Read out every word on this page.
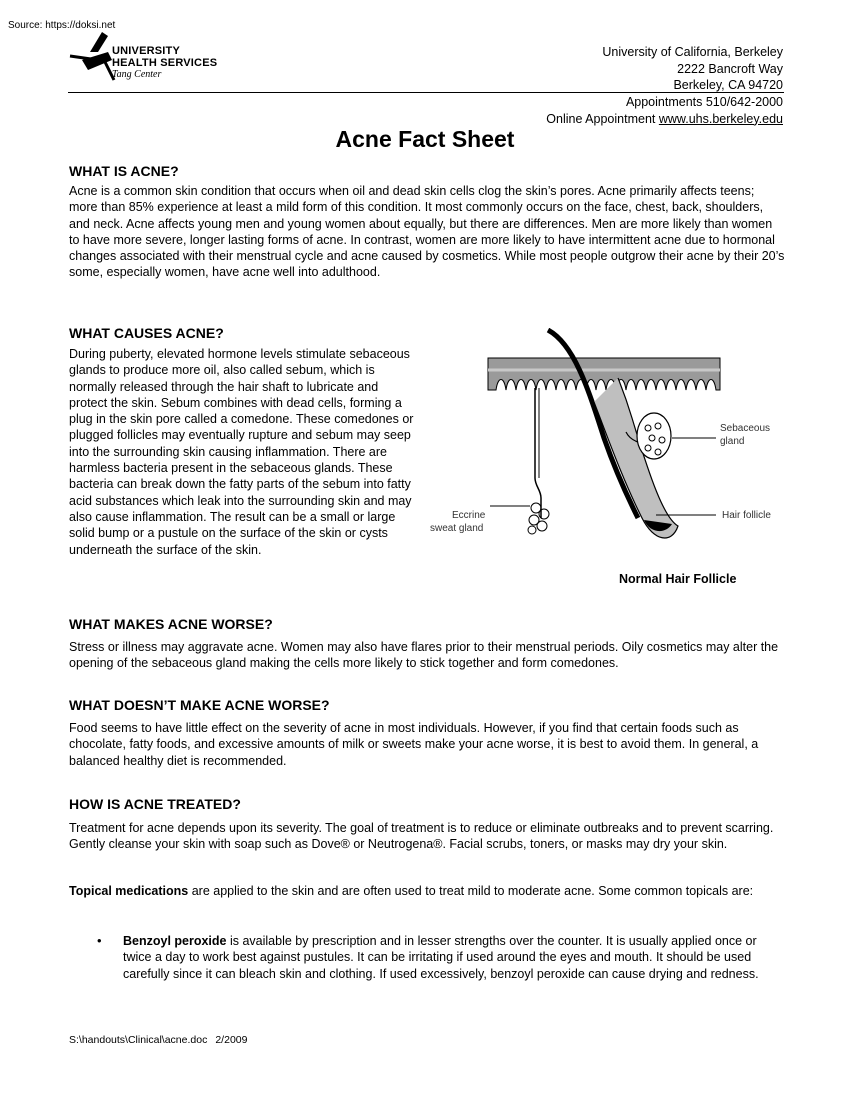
Source: https://doksi.net
UNIVERSITY
HEALTH SERVICES
Tang Center
University of California, Berkeley
2222 Bancroft Way
Berkeley, CA 94720
Appointments 510/642-2000
Online Appointment www.uhs.berkeley.edu
Acne Fact Sheet
WHAT IS ACNE?

Acne is a common skin condition that occurs when oil and dead skin cells clog the skin’s pores. Acne primarily affects teens; more than 85% experience at least a mild form of this condition. It most commonly occurs on the face, chest, back, shoulders, and neck. Acne affects young men and young women about equally, but there are differences. Men are more likely than women to have more severe, longer lasting forms of acne. In contrast, women are more likely to have intermittent acne due to hormonal changes associated with their menstrual cycle and acne caused by cosmetics. While most people outgrow their acne by their 20’s some, especially women, have acne well into adulthood.

WHAT CAUSES ACNE?

During puberty, elevated hormone levels stimulate sebaceous glands to produce more oil, also called sebum, which is normally released through the hair shaft to lubricate and protect the skin. Sebum combines with dead cells, forming a plug in the skin pore called a comedone. These comedones or plugged follicles may eventually rupture and sebum may seep into the surrounding skin causing inflammation. There are harmless bacteria present in the sebaceous glands. These bacteria can break down the fatty parts of the sebum into fatty acid substances which leak into the surrounding skin and may also cause inflammation. The result can be a small or large solid bump or a pustule on the surface of the skin or cysts underneath the surface of the skin.

Sebaceous
gland
Hair follicle
Eccrine
sweat gland
Normal Hair Follicle
WHAT MAKES ACNE WORSE?

Stress or illness may aggravate acne. Women may also have flares prior to their menstrual periods. Oily cosmetics may alter the opening of the sebaceous gland making the cells more likely to stick together and form comedones.

WHAT DOESN’T MAKE ACNE WORSE?

Food seems to have little effect on the severity of acne in most individuals. However, if you find that certain foods such as chocolate, fatty foods, and excessive amounts of milk or sweets make your acne worse, it is best to avoid them. In general, a balanced healthy diet is recommended.

HOW IS ACNE TREATED?

Treatment for acne depends upon its severity. The goal of treatment is to reduce or eliminate outbreaks and to prevent scarring. Gently cleanse your skin with soap such as Dove® or Neutrogena®. Facial scrubs, toners, or masks may dry your skin.

Topical medications are applied to the skin and are often used to treat mild to moderate acne. Some common topicals are:

• Benzoyl peroxide is available by prescription and in lesser strengths over the counter. It is usually applied once or twice a day to work best against pustules. It can be irritating if used around the eyes and mouth. It should be used carefully since it can bleach skin and clothing. If used excessively, benzoyl peroxide can cause drying and redness.
S:\handouts\Clinical\acne.doc 2/2009
